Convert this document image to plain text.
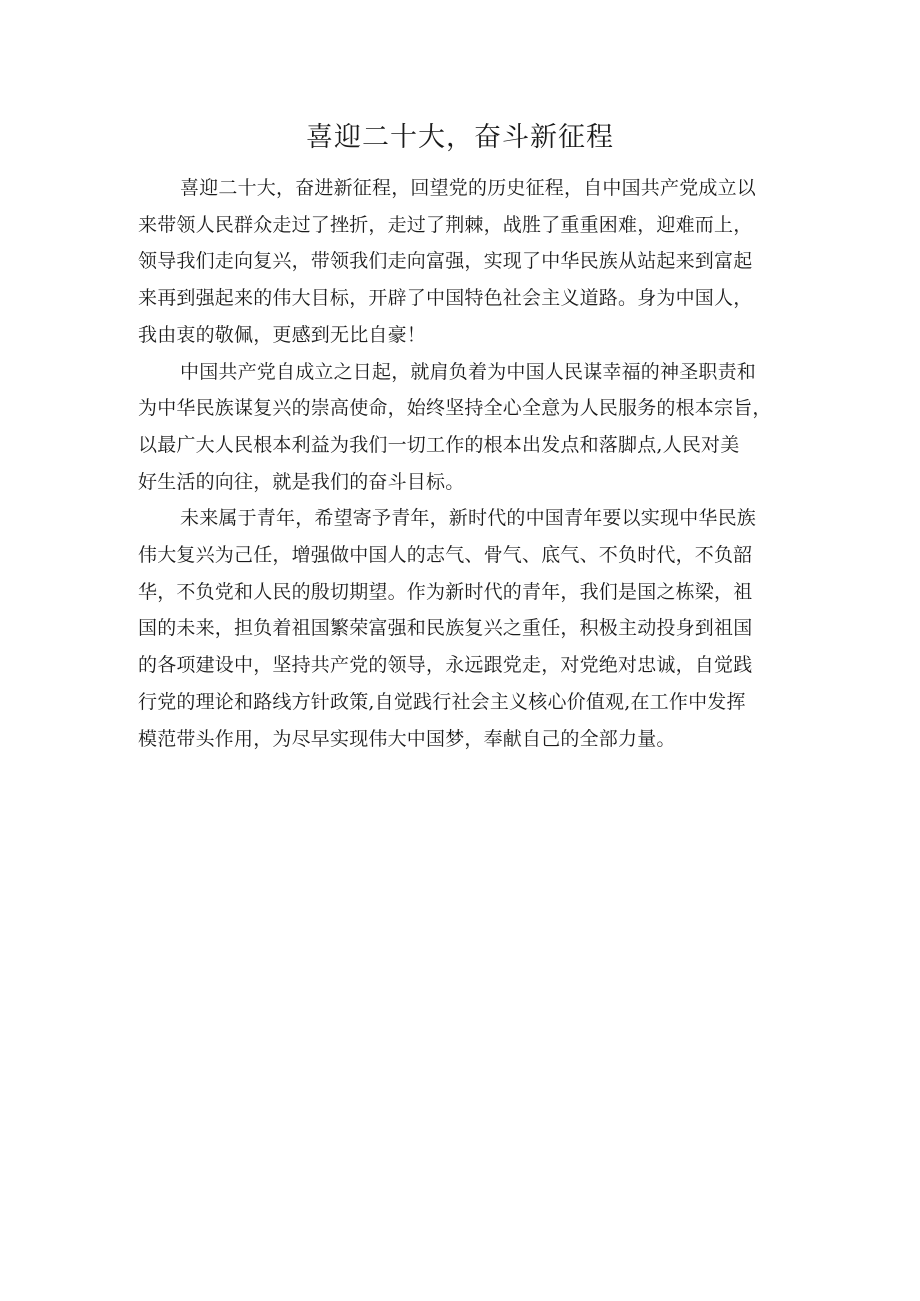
喜迎二十大，奋斗新征程

喜迎二十大，奋进新征程，回望党的历史征程，自中国共产党成立以
来带领人民群众走过了挫折，走过了荆棘，战胜了重重困难，迎难而上，
领导我们走向复兴，带领我们走向富强，实现了中华民族从站起来到富起
来再到强起来的伟大目标，开辟了中国特色社会主义道路。身为中国人，
我由衷的敬佩，更感到无比自豪！

中国共产党自成立之日起，就肩负着为中国人民谋幸福的神圣职责和
为中华民族谋复兴的崇高使命，始终坚持全心全意为人民服务的根本宗旨，
以最广大人民根本利益为我们一切工作的根本出发点和落脚点,人民对美
好生活的向往，就是我们的奋斗目标。

未来属于青年，希望寄予青年，新时代的中国青年要以实现中华民族
伟大复兴为己任，增强做中国人的志气、骨气、底气、不负时代，不负韶
华，不负党和人民的殷切期望。作为新时代的青年，我们是国之栋梁，祖
国的未来，担负着祖国繁荣富强和民族复兴之重任，积极主动投身到祖国
的各项建设中，坚持共产党的领导，永远跟党走，对党绝对忠诚，自觉践
行党的理论和路线方针政策,自觉践行社会主义核心价值观,在工作中发挥
模范带头作用，为尽早实现伟大中国梦，奉献自己的全部力量。
